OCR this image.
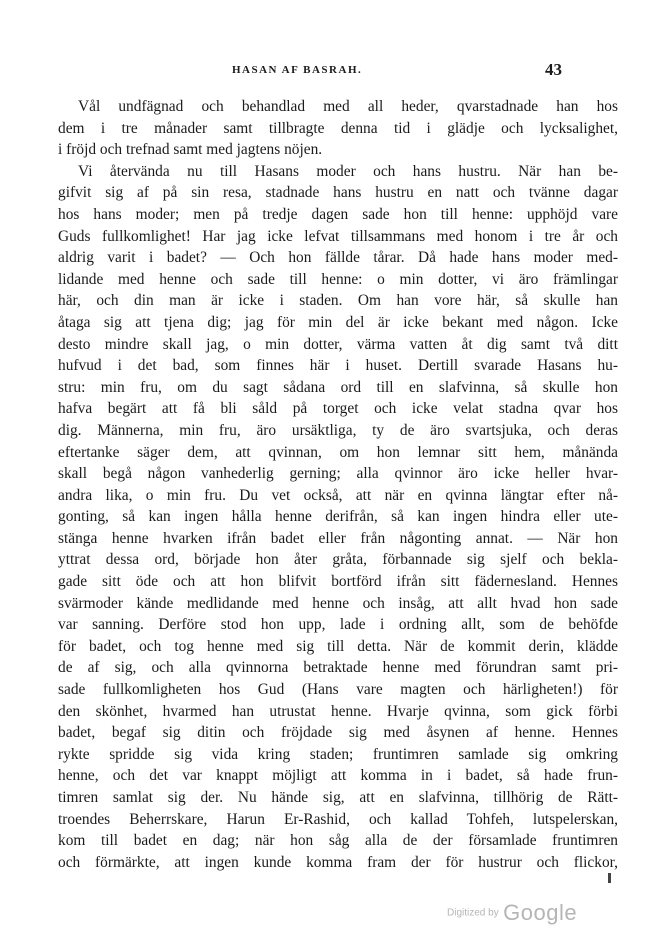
HASAN AF BASRAH.	43
Vål undfägnad och behandlad med all heder, qvarstadnade han hos
dem i tre månader samt tillbragte denna tid i glädje och lycksalighet,
i fröjd och trefnad samt med jagtens nöjen.
Vi återvända nu till Hasans moder och hans hustru. När han be-
gifvit sig af på sin resa, stadnade hans hustru en natt och tvänne dagar
hos hans moder; men på tredje dagen sade hon till henne: upphöjd vare
Guds fullkomlighet! Har jag icke lefvat tillsammans med honom i tre år och
aldrig varit i badet? — Och hon fällde tårar. Då hade hans moder med-
lidande med henne och sade till henne: o min dotter, vi äro främlingar
här, och din man är icke i staden. Om han vore här, så skulle han
åtaga sig att tjena dig; jag för min del är icke bekant med någon. Icke
desto mindre skall jag, o min dotter, värma vatten åt dig samt två ditt
hufvud i det bad, som finnes här i huset. Dertill svarade Hasans hu-
stru: min fru, om du sagt sådana ord till en slafvinna, så skulle hon
hafva begärt att få bli såld på torget och icke velat stadna qvar hos
dig. Männerna, min fru, äro ursäktliga, ty de äro svartsjuka, och deras
eftertanke säger dem, att qvinnan, om hon lemnar sitt hem, månända
skall begå någon vanhederlig gerning; alla qvinnor äro icke heller hvar-
andra lika, o min fru. Du vet också, att när en qvinna längtar efter nå-
gonting, så kan ingen hålla henne derifrån, så kan ingen hindra eller ute-
stänga henne hvarken ifrån badet eller från någonting annat. — När hon
yttrat dessa ord, började hon åter gråta, förbannade sig sjelf och bekla-
gade sitt öde och att hon blifvit bortförd ifrån sitt fädernesland. Hennes
svärmoder kände medlidande med henne och insåg, att allt hvad hon sade
var sanning. Derföre stod hon upp, lade i ordning allt, som de behöfde
för badet, och tog henne med sig till detta. När de kommit derin, klädde
de af sig, och alla qvinnorna betraktade henne med förundran samt pri-
sade fullkomligheten hos Gud (Hans vare magten och härligheten!) för
den skönhet, hvarmed han utrustat henne. Hvarje qvinna, som gick förbi
badet, begaf sig ditin och fröjdade sig med åsynen af henne. Hennes
rykte spridde sig vida kring staden; fruntimren samlade sig omkring
henne, och det var knappt möjligt att komma in i badet, så hade frun-
timren samlat sig der. Nu hände sig, att en slafvinna, tillhörig de Rätt-
troendes Beherrskare, Harun Er-Rashid, och kallad Tohfeh, lutspelerskan,
kom till badet en dag; när hon såg alla de der församlade fruntimren
och förmärkte, att ingen kunde komma fram der för hustrur och flickor,
Digitized by Google
